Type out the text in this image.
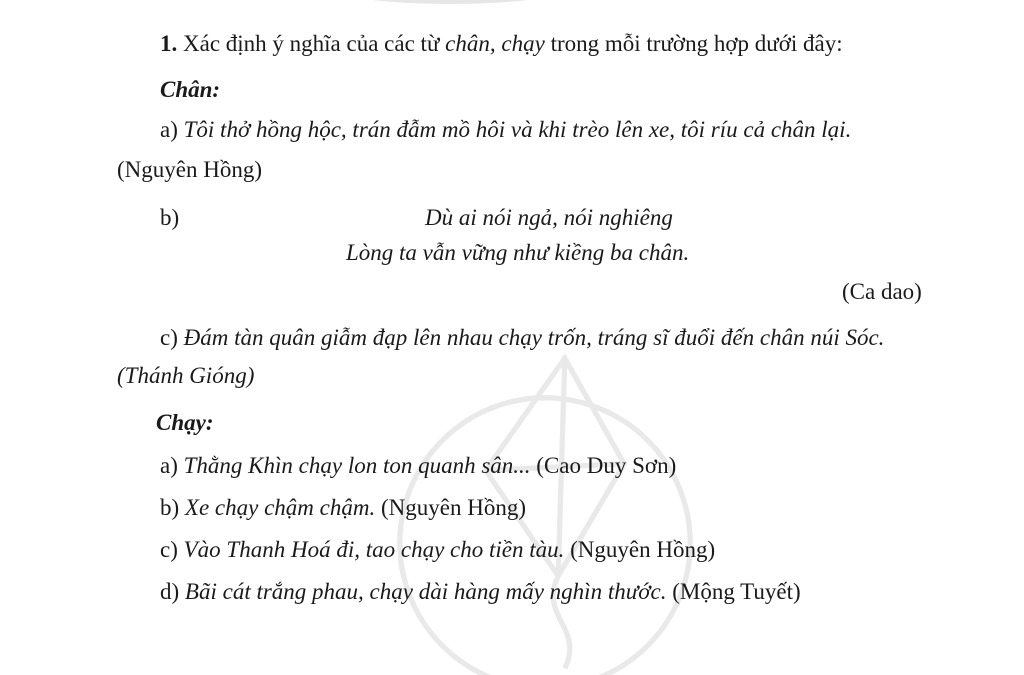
1. Xác định ý nghĩa của các từ chân, chạy trong mỗi trường hợp dưới đây:
Chân:
a) Tôi thở hồng hộc, trán đẫm mồ hôi và khi trèo lên xe, tôi ríu cả chân lại.
(Nguyên Hồng)
b)	Dù ai nói ngả, nói nghiêng
Lòng ta vẫn vững như kiềng ba chân.
(Ca dao)
c) Đám tàn quân giẫm đạp lên nhau chạy trốn, tráng sĩ đuổi đến chân núi Sóc.
(Thánh Gióng)
Chạy:
a) Thằng Khìn chạy lon ton quanh sân... (Cao Duy Sơn)
b) Xe chạy chậm chậm. (Nguyên Hồng)
c) Vào Thanh Hoá đi, tao chạy cho tiền tàu. (Nguyên Hồng)
d) Bãi cát trắng phau, chạy dài hàng mấy nghìn thước. (Mộng Tuyết)
